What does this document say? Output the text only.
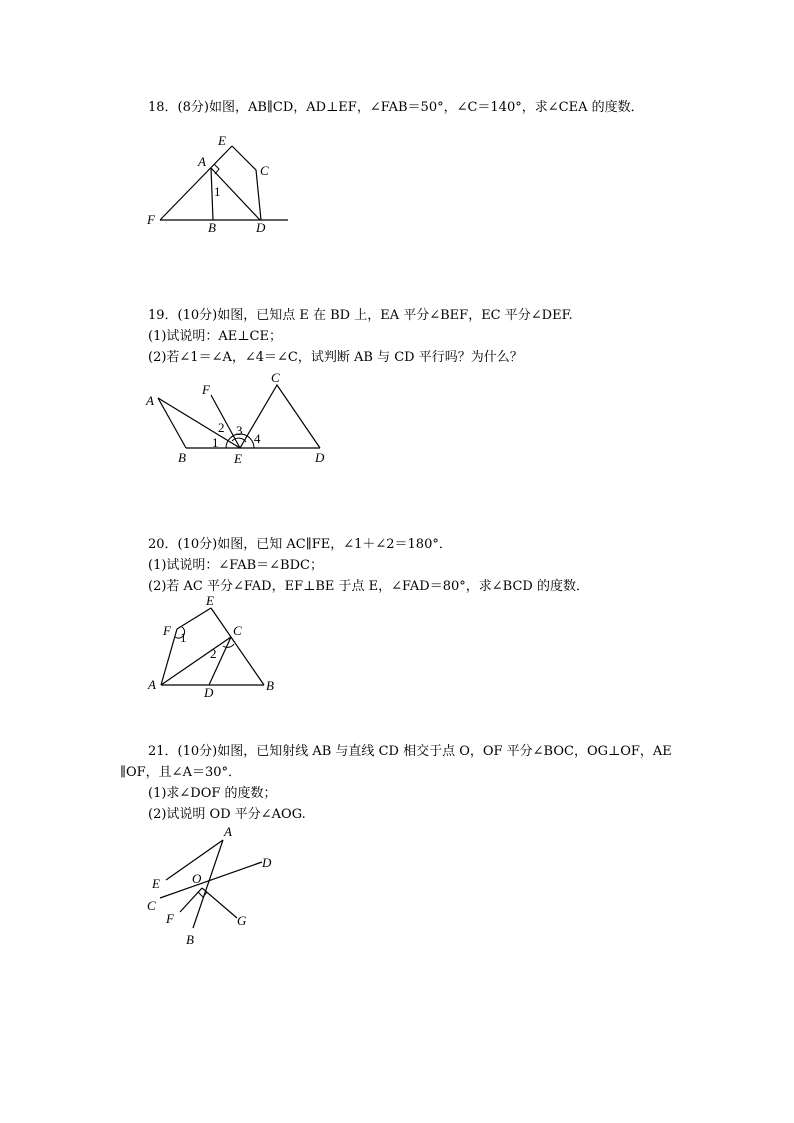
18．(8分)如图，AB∥CD，AD⊥EF，∠FAB＝50°，∠C＝140°，求∠CEA 的度数．
E
A
C
F
B	D
1
19．(10分)如图，已知点 E 在 BD 上，EA 平分∠BEF，EC 平分∠DEF.
(1)试说明：AE⊥CE；
(2)若∠1＝∠A，∠4＝∠C，试判断 AB 与 CD 平行吗？为什么？
A
F
C
B	E	D
1
2 3
4
20．(10分)如图，已知 AC∥FE，∠1＋∠2＝180°．
(1)试说明：∠FAB＝∠BDC；
(2)若 AC 平分∠FAD，EF⊥BE 于点 E，∠FAD＝80°，求∠BCD 的度数．
E
F	C
A
D	B
1
2
21．(10分)如图，已知射线 AB 与直线 CD 相交于点 O，OF 平分∠BOC，OG⊥OF，AE
∥OF，且∠A＝30°．
(1)求∠DOF 的度数；
(2)试说明 OD 平分∠AOG.
A
D
E O
C
F	G
B
